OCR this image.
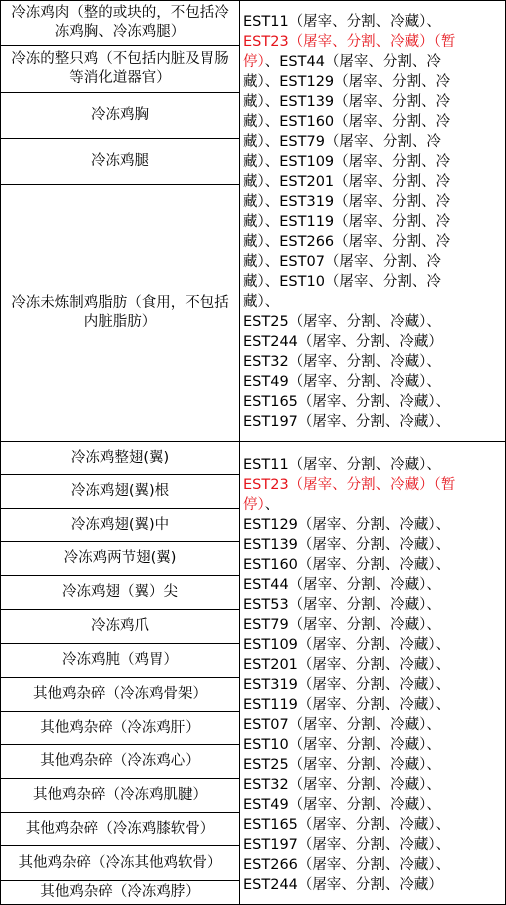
冷冻鸡肉（整的或块的，不包括冷冻鸡胸、冷冻鸡腿）
冷冻的整只鸡（不包括内脏及胃肠等消化道器官）
冷冻鸡胸
冷冻鸡腿
冷冻未炼制鸡脂肪（食用，不包括内脏脂肪）
EST11（屠宰、分割、冷藏）、
EST23（屠宰、分割、冷藏）（暂
停）、EST44（屠宰、分割、冷
藏）、EST129（屠宰、分割、冷
藏）、EST139（屠宰、分割、冷
藏）、EST160（屠宰、分割、冷
藏）、EST79（屠宰、分割、冷
藏）、EST109（屠宰、分割、冷
藏）、EST201（屠宰、分割、冷
藏）、EST319（屠宰、分割、冷
藏）、EST119（屠宰、分割、冷
藏）、EST266（屠宰、分割、冷
藏）、EST07（屠宰、分割、冷
藏）、EST10（屠宰、分割、冷
藏）、
EST25（屠宰、分割、冷藏）、
EST244（屠宰、分割、冷藏）
EST32（屠宰、分割、冷藏）、
EST49（屠宰、分割、冷藏）、
EST165（屠宰、分割、冷藏）、
EST197（屠宰、分割、冷藏）、
冷冻鸡整翅(翼)
冷冻鸡翅(翼)根
冷冻鸡翅(翼)中
冷冻鸡两节翅(翼)
冷冻鸡翅（翼）尖
冷冻鸡爪
冷冻鸡肫（鸡胃）
其他鸡杂碎（冷冻鸡骨架）
其他鸡杂碎（冷冻鸡肝）
其他鸡杂碎（冷冻鸡心）
其他鸡杂碎（冷冻鸡肌腱）
其他鸡杂碎（冷冻鸡膝软骨）
其他鸡杂碎（冷冻其他鸡软骨）
其他鸡杂碎（冷冻鸡脖）
EST11（屠宰、分割、冷藏）、
EST23（屠宰、分割、冷藏）（暂
停）、
EST129（屠宰、分割、冷藏）、
EST139（屠宰、分割、冷藏）、
EST160（屠宰、分割、冷藏）、
EST44（屠宰、分割、冷藏）、
EST53（屠宰、分割、冷藏）、
EST79（屠宰、分割、冷藏）、
EST109（屠宰、分割、冷藏）、
EST201（屠宰、分割、冷藏）、
EST319（屠宰、分割、冷藏）、
EST119（屠宰、分割、冷藏）、
EST07（屠宰、分割、冷藏）、
EST10（屠宰、分割、冷藏）、
EST25（屠宰、分割、冷藏）、
EST32（屠宰、分割、冷藏）、
EST49（屠宰、分割、冷藏）、
EST165（屠宰、分割、冷藏）、
EST197（屠宰、分割、冷藏）、
EST266（屠宰、分割、冷藏）、
EST244（屠宰、分割、冷藏）
